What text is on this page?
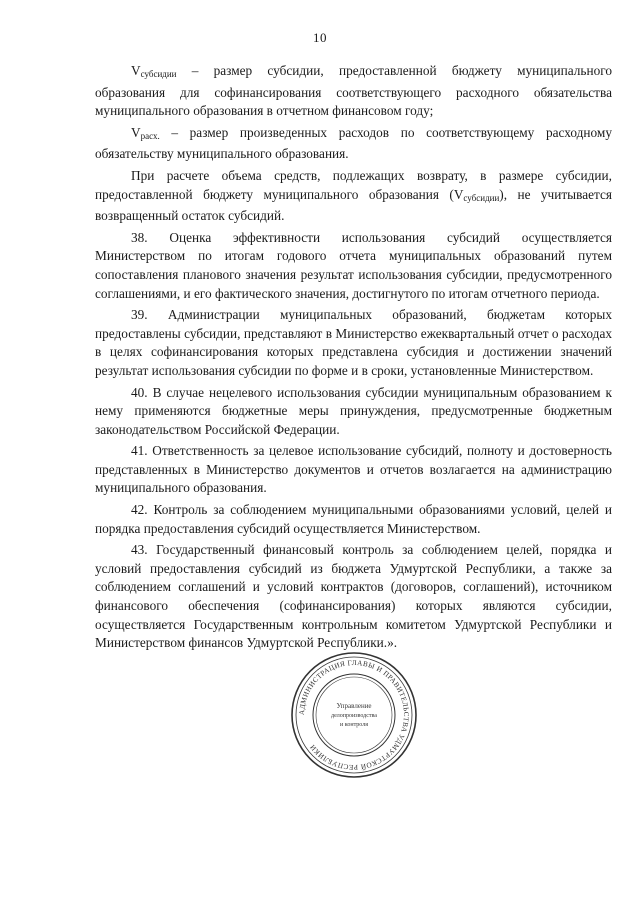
10

$V_{субсидии}$ – размер субсидии, предоставленной бюджету муниципального образования для софинансирования соответствующего расходного обязательства муниципального образования в отчетном финансовом году;

$V_{расх.}$ – размер произведенных расходов по соответствующему расходному обязательству муниципального образования.

При расчете объема средств, подлежащих возврату, в размере субсидии, предоставленной бюджету муниципального образования $(V_{субсидии})$, не учитывается возвращенный остаток субсидий.

38. Оценка эффективности использования субсидий осуществляется Министерством по итогам годового отчета муниципальных образований путем сопоставления планового значения результат использования субсидии, предусмотренного соглашениями, и его фактического значения, достигнутого по итогам отчетного периода.

39. Администрации муниципальных образований, бюджетам которых предоставлены субсидии, представляют в Министерство ежеквартальный отчет о расходах в целях софинансирования которых представлена субсидия и достижении значений результат использования субсидии по форме и в сроки, установленные Министерством.

40. В случае нецелевого использования субсидии муниципальным образованием к нему применяются бюджетные меры принуждения, предусмотренные бюджетным законодательством Российской Федерации.

41. Ответственность за целевое использование субсидий, полноту и достоверность представленных в Министерство документов и отчетов возлагается на администрацию муниципального образования.

42. Контроль за соблюдением муниципальными образованиями условий, целей и порядка предоставления субсидий осуществляется Министерством.

43. Государственный финансовый контроль за соблюдением целей, порядка и условий предоставления субсидий из бюджета Удмуртской Республики, а также за соблюдением соглашений и условий контрактов (договоров, соглашений), источником финансового обеспечения (софинансирования) которых являются субсидии, осуществляется Государственным контрольным комитетом Удмуртской Республики и Министерством финансов Удмуртской Республики.».

АДМИНИСТРАЦИЯ ГЛАВЫ И ПРАВИТЕЛЬСТВА УДМУРТСКОЙ РЕСПУБЛИКИ
Управление
делопроизводства
и контроля
